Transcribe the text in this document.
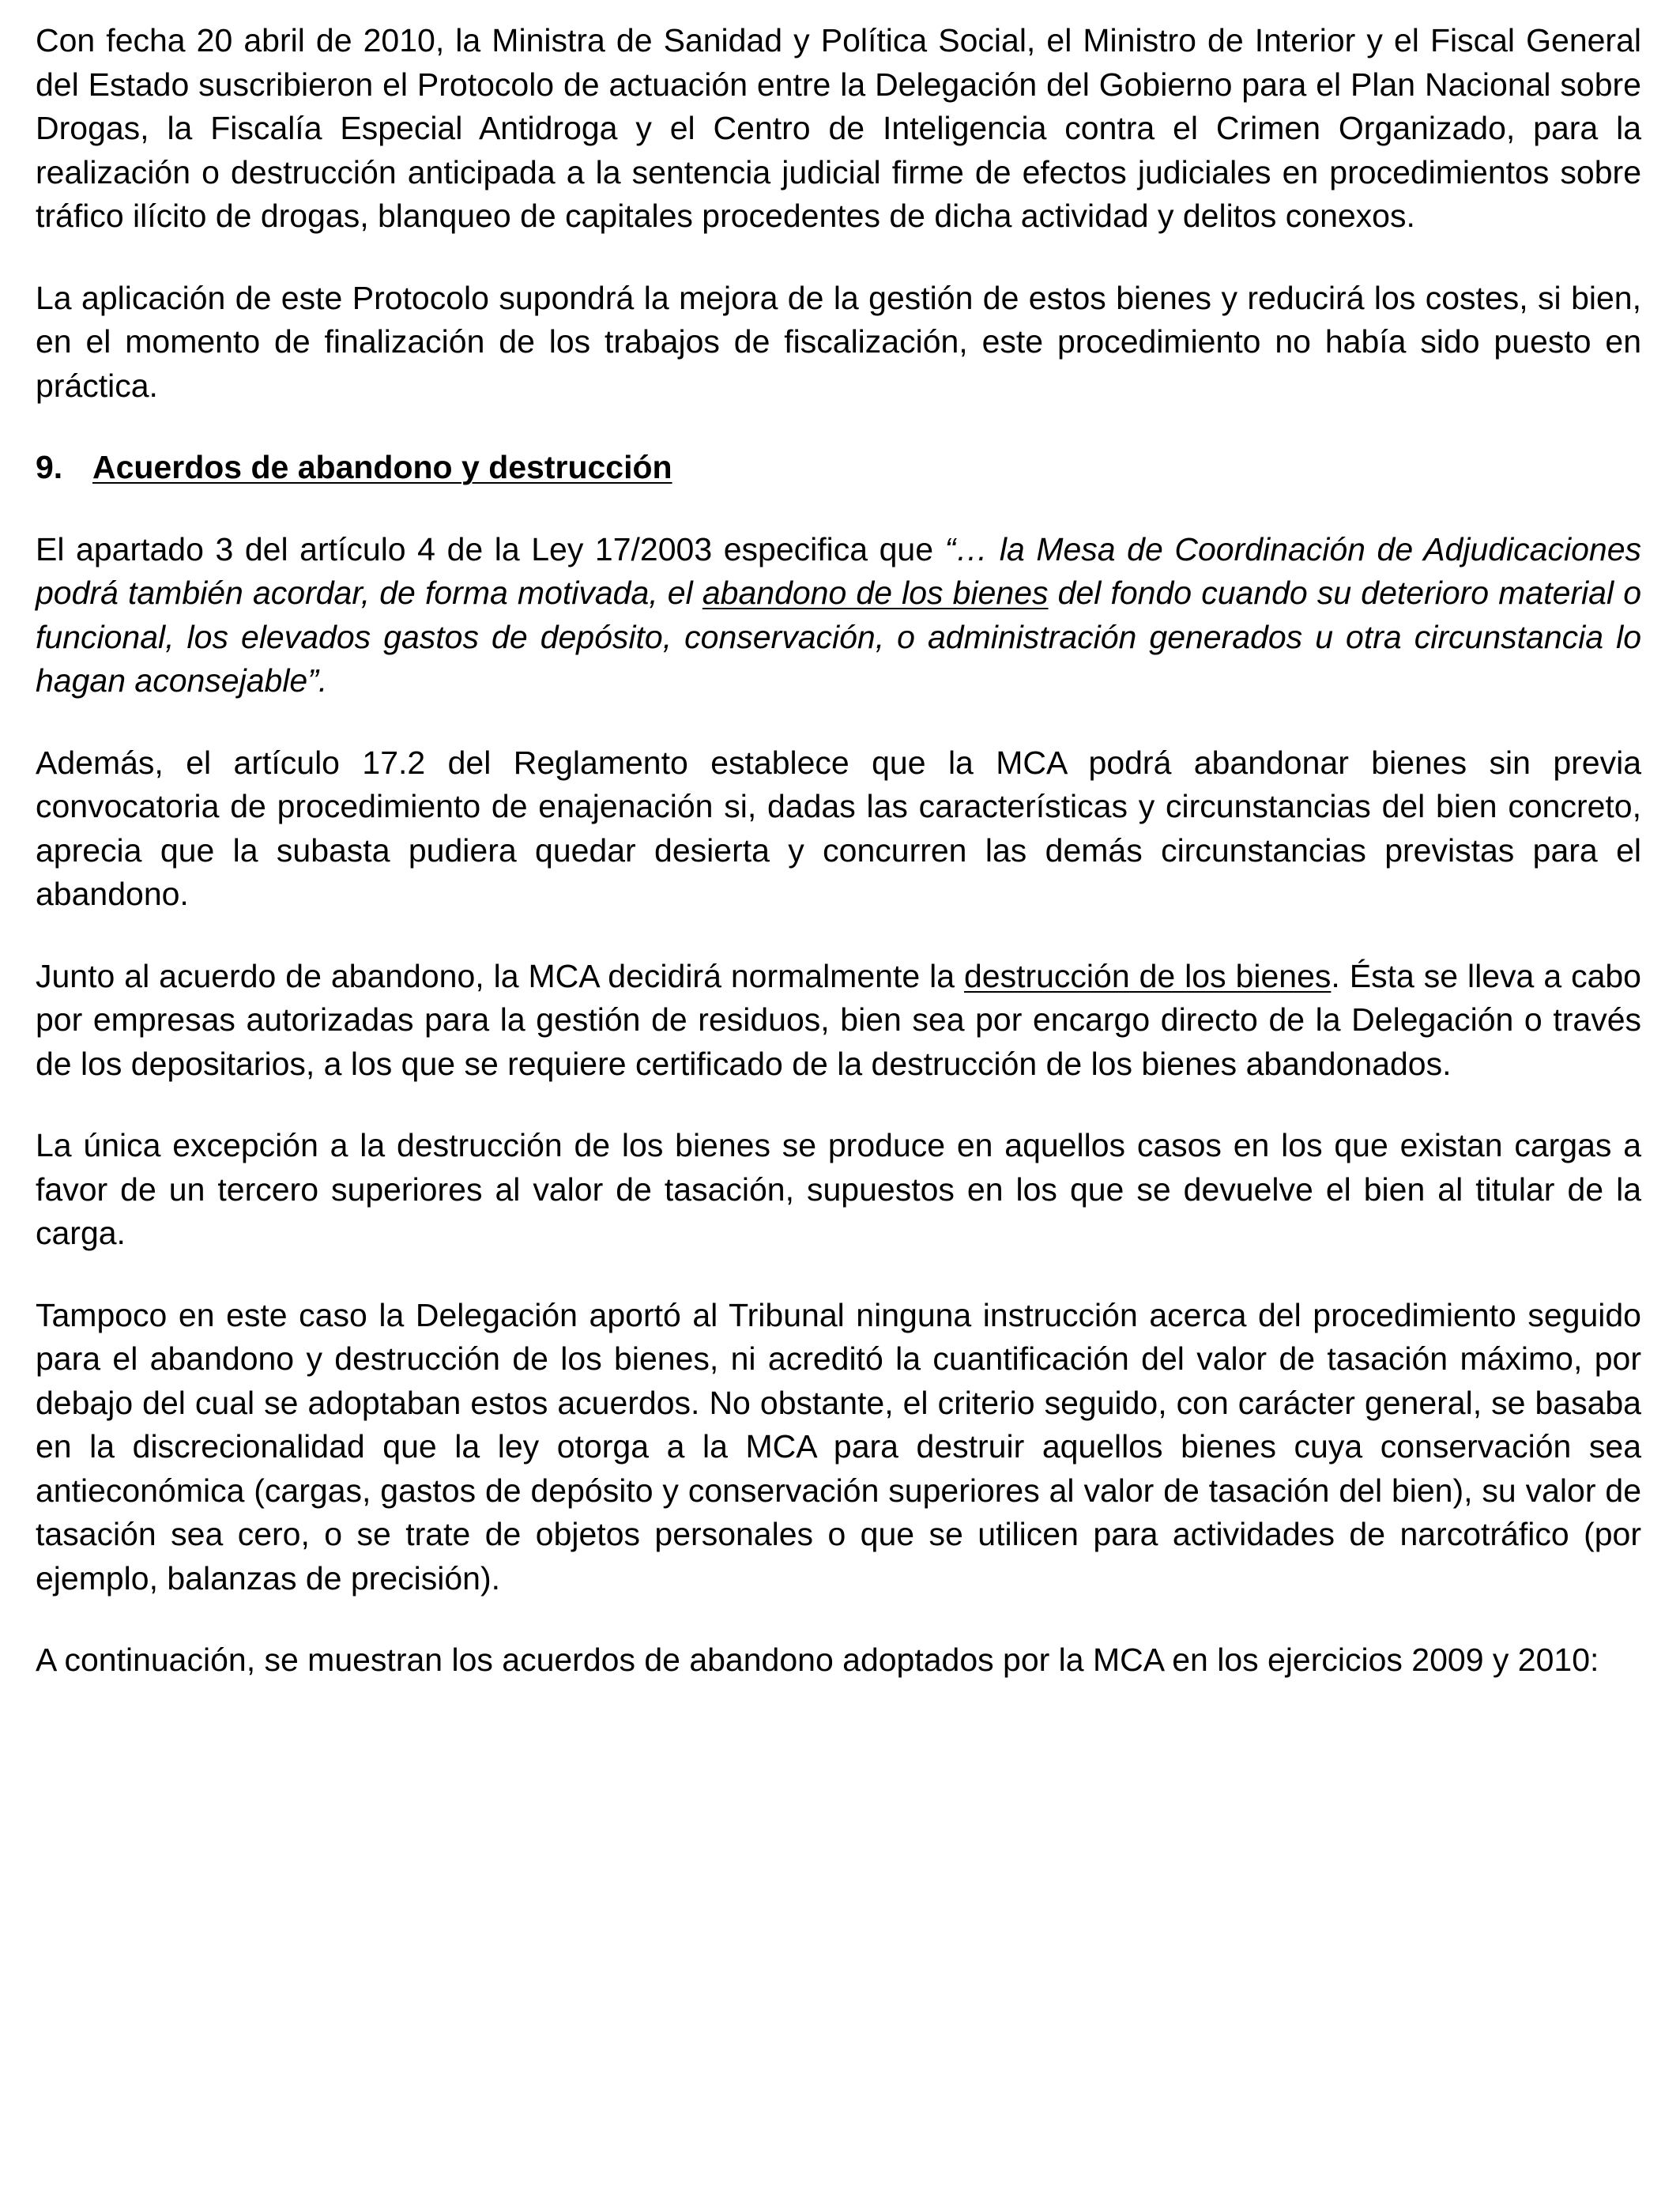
Con fecha 20 abril de 2010, la Ministra de Sanidad y Política Social, el Ministro de Interior y el Fiscal General del Estado suscribieron el Protocolo de actuación entre la Delegación del Gobierno para el Plan Nacional sobre Drogas, la Fiscalía Especial Antidroga y el Centro de Inteligencia contra el Crimen Organizado, para la realización o destrucción anticipada a la sentencia judicial firme de efectos judiciales en procedimientos sobre tráfico ilícito de drogas, blanqueo de capitales procedentes de dicha actividad y delitos conexos.

La aplicación de este Protocolo supondrá la mejora de la gestión de estos bienes y reducirá los costes, si bien, en el momento de finalización de los trabajos de fiscalización, este procedimiento no había sido puesto en práctica.

9. Acuerdos de abandono y destrucción

El apartado 3 del artículo 4 de la Ley 17/2003 especifica que “… la Mesa de Coordinación de Adjudicaciones podrá también acordar, de forma motivada, el abandono de los bienes del fondo cuando su deterioro material o funcional, los elevados gastos de depósito, conservación, o administración generados u otra circunstancia lo hagan aconsejable”.

Además, el artículo 17.2 del Reglamento establece que la MCA podrá abandonar bienes sin previa convocatoria de procedimiento de enajenación si, dadas las características y circunstancias del bien concreto, aprecia que la subasta pudiera quedar desierta y concurren las demás circunstancias previstas para el abandono.

Junto al acuerdo de abandono, la MCA decidirá normalmente la destrucción de los bienes. Ésta se lleva a cabo por empresas autorizadas para la gestión de residuos, bien sea por encargo directo de la Delegación o través de los depositarios, a los que se requiere certificado de la destrucción de los bienes abandonados.

La única excepción a la destrucción de los bienes se produce en aquellos casos en los que existan cargas a favor de un tercero superiores al valor de tasación, supuestos en los que se devuelve el bien al titular de la carga.

Tampoco en este caso la Delegación aportó al Tribunal ninguna instrucción acerca del procedimiento seguido para el abandono y destrucción de los bienes, ni acreditó la cuantificación del valor de tasación máximo, por debajo del cual se adoptaban estos acuerdos. No obstante, el criterio seguido, con carácter general, se basaba en la discrecionalidad que la ley otorga a la MCA para destruir aquellos bienes cuya conservación sea antieconómica (cargas, gastos de depósito y conservación superiores al valor de tasación del bien), su valor de tasación sea cero, o se trate de objetos personales o que se utilicen para actividades de narcotráfico (por ejemplo, balanzas de precisión).

A continuación, se muestran los acuerdos de abandono adoptados por la MCA en los ejercicios 2009 y 2010:
